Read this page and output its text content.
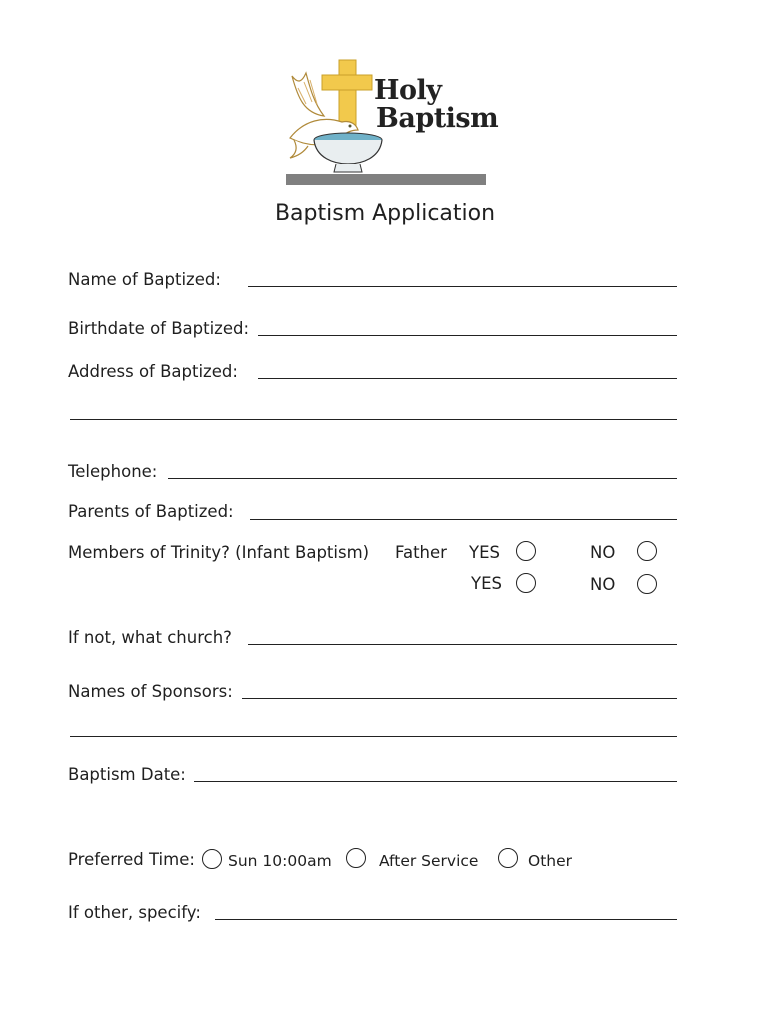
Holy
Baptism
Baptism Application
Name of Baptized:
Birthdate of Baptized:
Address of Baptized:
Telephone:
Parents of Baptized:
Members of Trinity? (Infant Baptism) Father YES	NO
YES	NO
If not, what church?
Names of Sponsors:
Baptism Date:
Preferred Time: Sun 10:00am	After Service	Other
If other, specify:
